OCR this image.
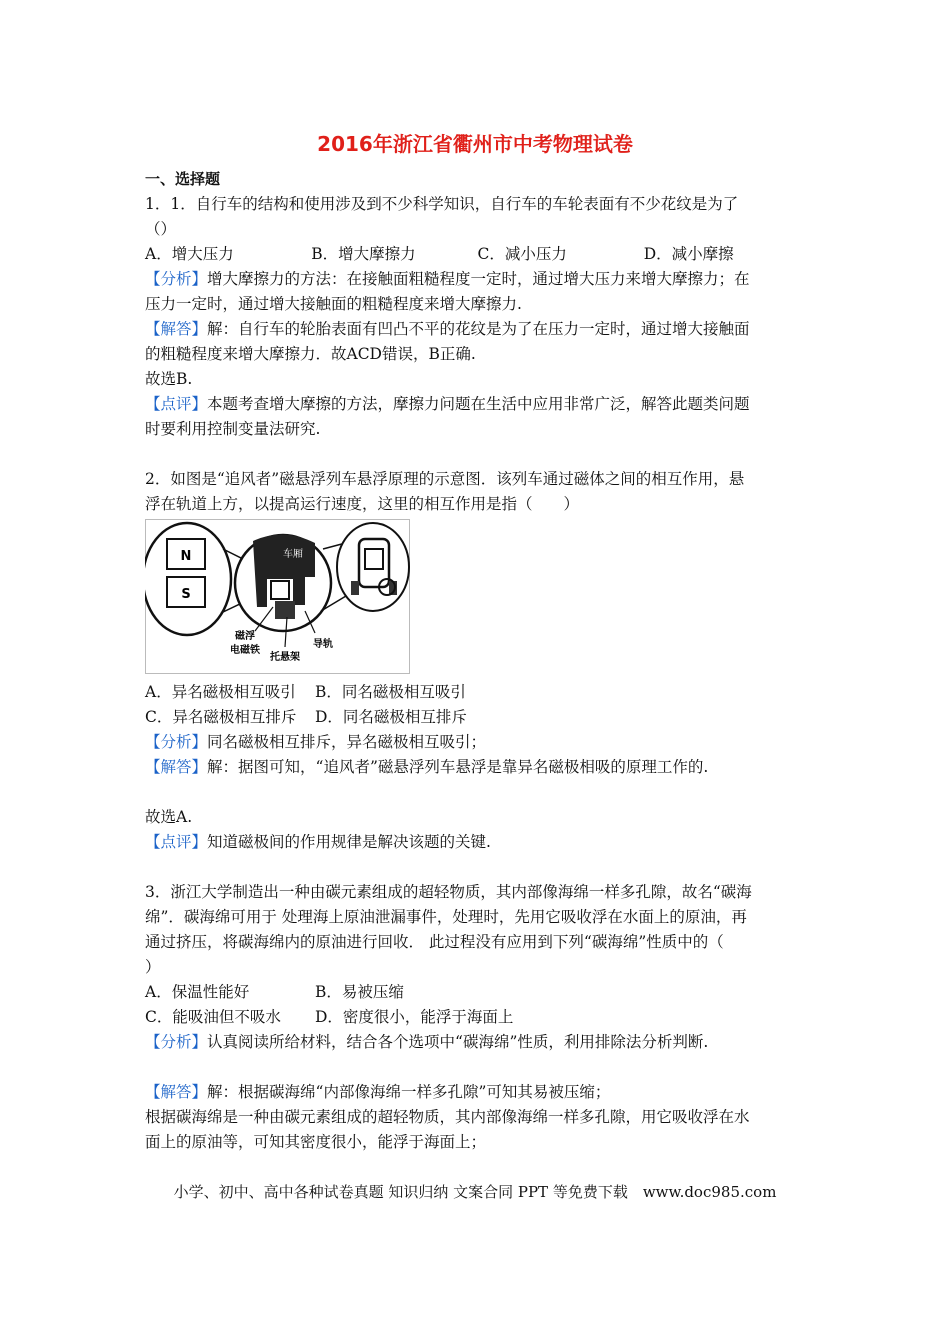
2016年浙江省衢州市中考物理试卷

一、选择题

1．1．自行车的结构和使用涉及到不少科学知识，自行车的车轮表面有不少花纹是为了

（）

A．增大压力	B．增大摩擦力	C．减小压力	D．减小摩擦

【分析】增大摩擦力的方法：在接触面粗糙程度一定时，通过增大压力来增大摩擦力；在

压力一定时，通过增大接触面的粗糙程度来增大摩擦力.

【解答】解：自行车的轮胎表面有凹凸不平的花纹是为了在压力一定时，通过增大接触面

的粗糙程度来增大摩擦力．故ACD错误，B正确.

故选B.

【点评】本题考查增大摩擦的方法，摩擦力问题在生活中应用非常广泛，解答此题类问题

时要利用控制变量法研究.

2．如图是“追风者”磁悬浮列车悬浮原理的示意图．该列车通过磁体之间的相互作用，悬

浮在轨道上方，以提高运行速度，这里的相互作用是指（　　）

N
S
车厢
磁浮
电磁铁
托悬架
导轨
A．异名磁极相互吸引	B．同名磁极相互吸引
C．异名磁极相互排斥	D．同名磁极相互排斥

【分析】同名磁极相互排斥，异名磁极相互吸引；

【解答】解：据图可知，“追风者”磁悬浮列车悬浮是靠异名磁极相吸的原理工作的.

故选A.

【点评】知道磁极间的作用规律是解决该题的关键.

3．浙江大学制造出一种由碳元素组成的超轻物质，其内部像海绵一样多孔隙，故名“碳海

绵”．碳海绵可用于 处理海上原油泄漏事件，处理时，先用它吸收浮在水面上的原油，再

通过挤压，将碳海绵内的原油进行回收． 此过程没有应用到下列“碳海绵”性质中的（

）

A．保温性能好	B．易被压缩
C．能吸油但不吸水	D．密度很小，能浮于海面上

【分析】认真阅读所给材料，结合各个选项中“碳海绵”性质，利用排除法分析判断.

【解答】解：根据碳海绵“内部像海绵一样多孔隙”可知其易被压缩；

根据碳海绵是一种由碳元素组成的超轻物质，其内部像海绵一样多孔隙，用它吸收浮在水

面上的原油等，可知其密度很小，能浮于海面上；

小学、初中、高中各种试卷真题 知识归纳 文案合同 PPT 等免费下载　www.doc985.com
